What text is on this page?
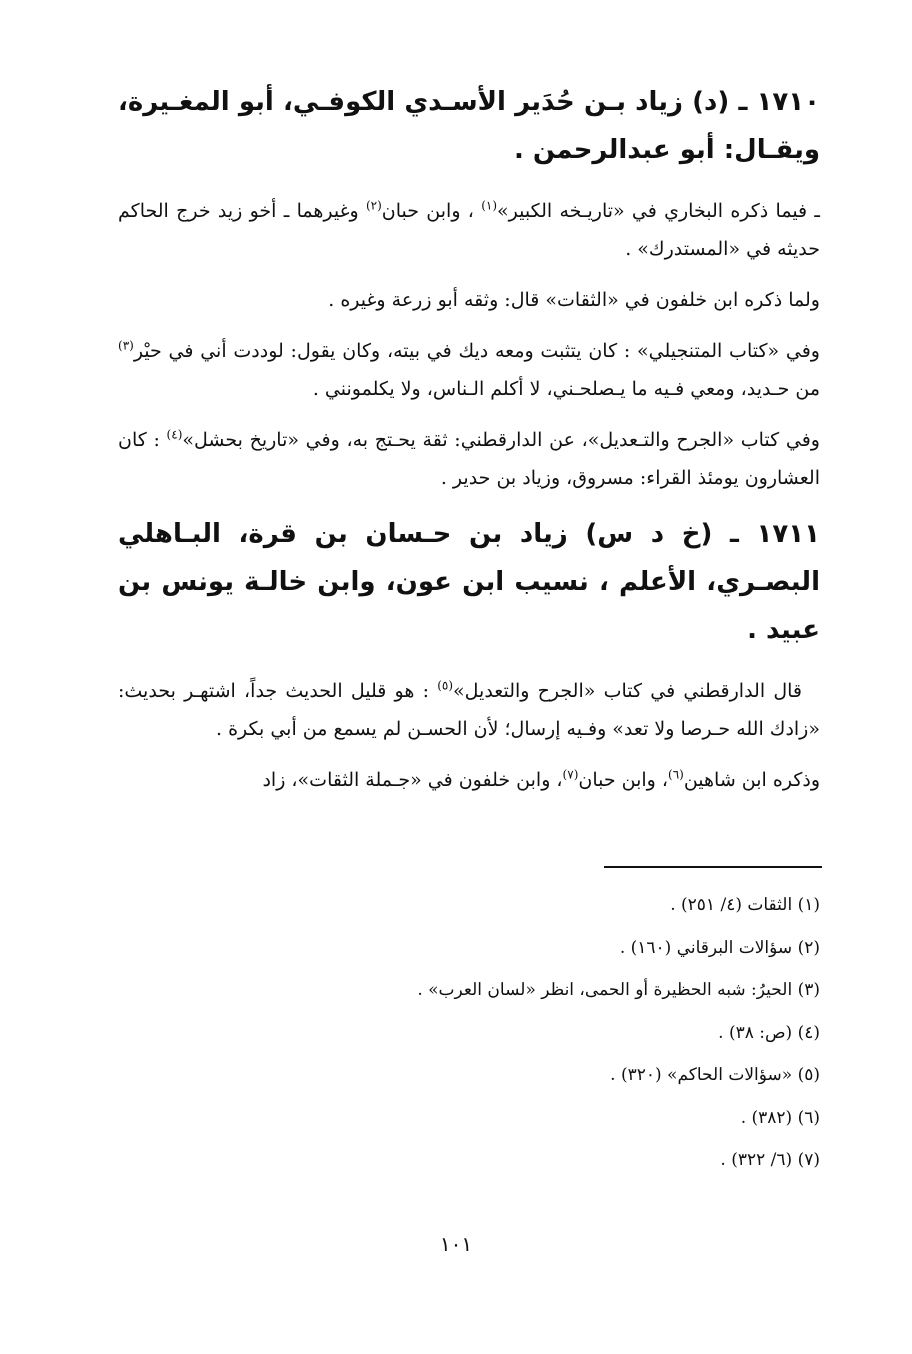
١٧١٠ ـ (د) زياد بـن حُدَير الأسـدي الكوفـي، أبو المغـيرة، ويقـال: أبو عبدالرحمن .

ـ فيما ذكره البخاري في «تاريـخه الكبير»$^{(١)}$ ، وابن حبان$^{(٢)}$ وغيرهما ـ أخو زيد خرج الحاكم حديثه في «المستدرك» .

ولما ذكره ابن خلفون في «الثقات» قال: وثقه أبو زرعة وغيره .

وفي «كتاب المتنجيلي» : كان يتثبت ومعه ديك في بيته، وكان يقول: لوددت أني في حيْر$^{(٣)}$ من حـديد، ومعي فـيه ما يـصلحـني، لا أكلم الـناس، ولا يكلمونني .

وفي كتاب «الجرح والتـعديل»، عن الدارقطني: ثقة يحـتج به، وفي «تاريخ بحشل»$^{(٤)}$ : كان العشارون يومئذ القراء: مسروق، وزياد بن حدير .

١٧١١ ـ (خ د س) زياد بن حـسان بن قرة، البـاهلي البصـري، الأعلم ، نسيب ابن عون، وابن خالـة يونس بن عبيد .

قال الدارقطني في كتاب «الجرح والتعديل»$^{(٥)}$ : هو قليل الحديث جداً، اشتهـر بحديث: «زادك الله حـرصا ولا تعد» وفـيه إرسال؛ لأن الحسـن لم يسمع من أبي بكرة .

وذكره ابن شاهين$^{(٦)}$، وابن حبان$^{(٧)}$، وابن خلفون في «جـملة الثقات»، زاد

(١) الثقات (٤/ ٢٥١) .
(٢) سؤالات البرقاني (١٦٠) .
(٣) الحيرُ: شبه الحظيرة أو الحمى، انظر «لسان العرب» .
(٤) (ص: ٣٨) .
(٥) «سؤالات الحاكم» (٣٢٠) .
(٦) (٣٨٢) .
(٧) (٦/ ٣٢٢) .
١٠١
